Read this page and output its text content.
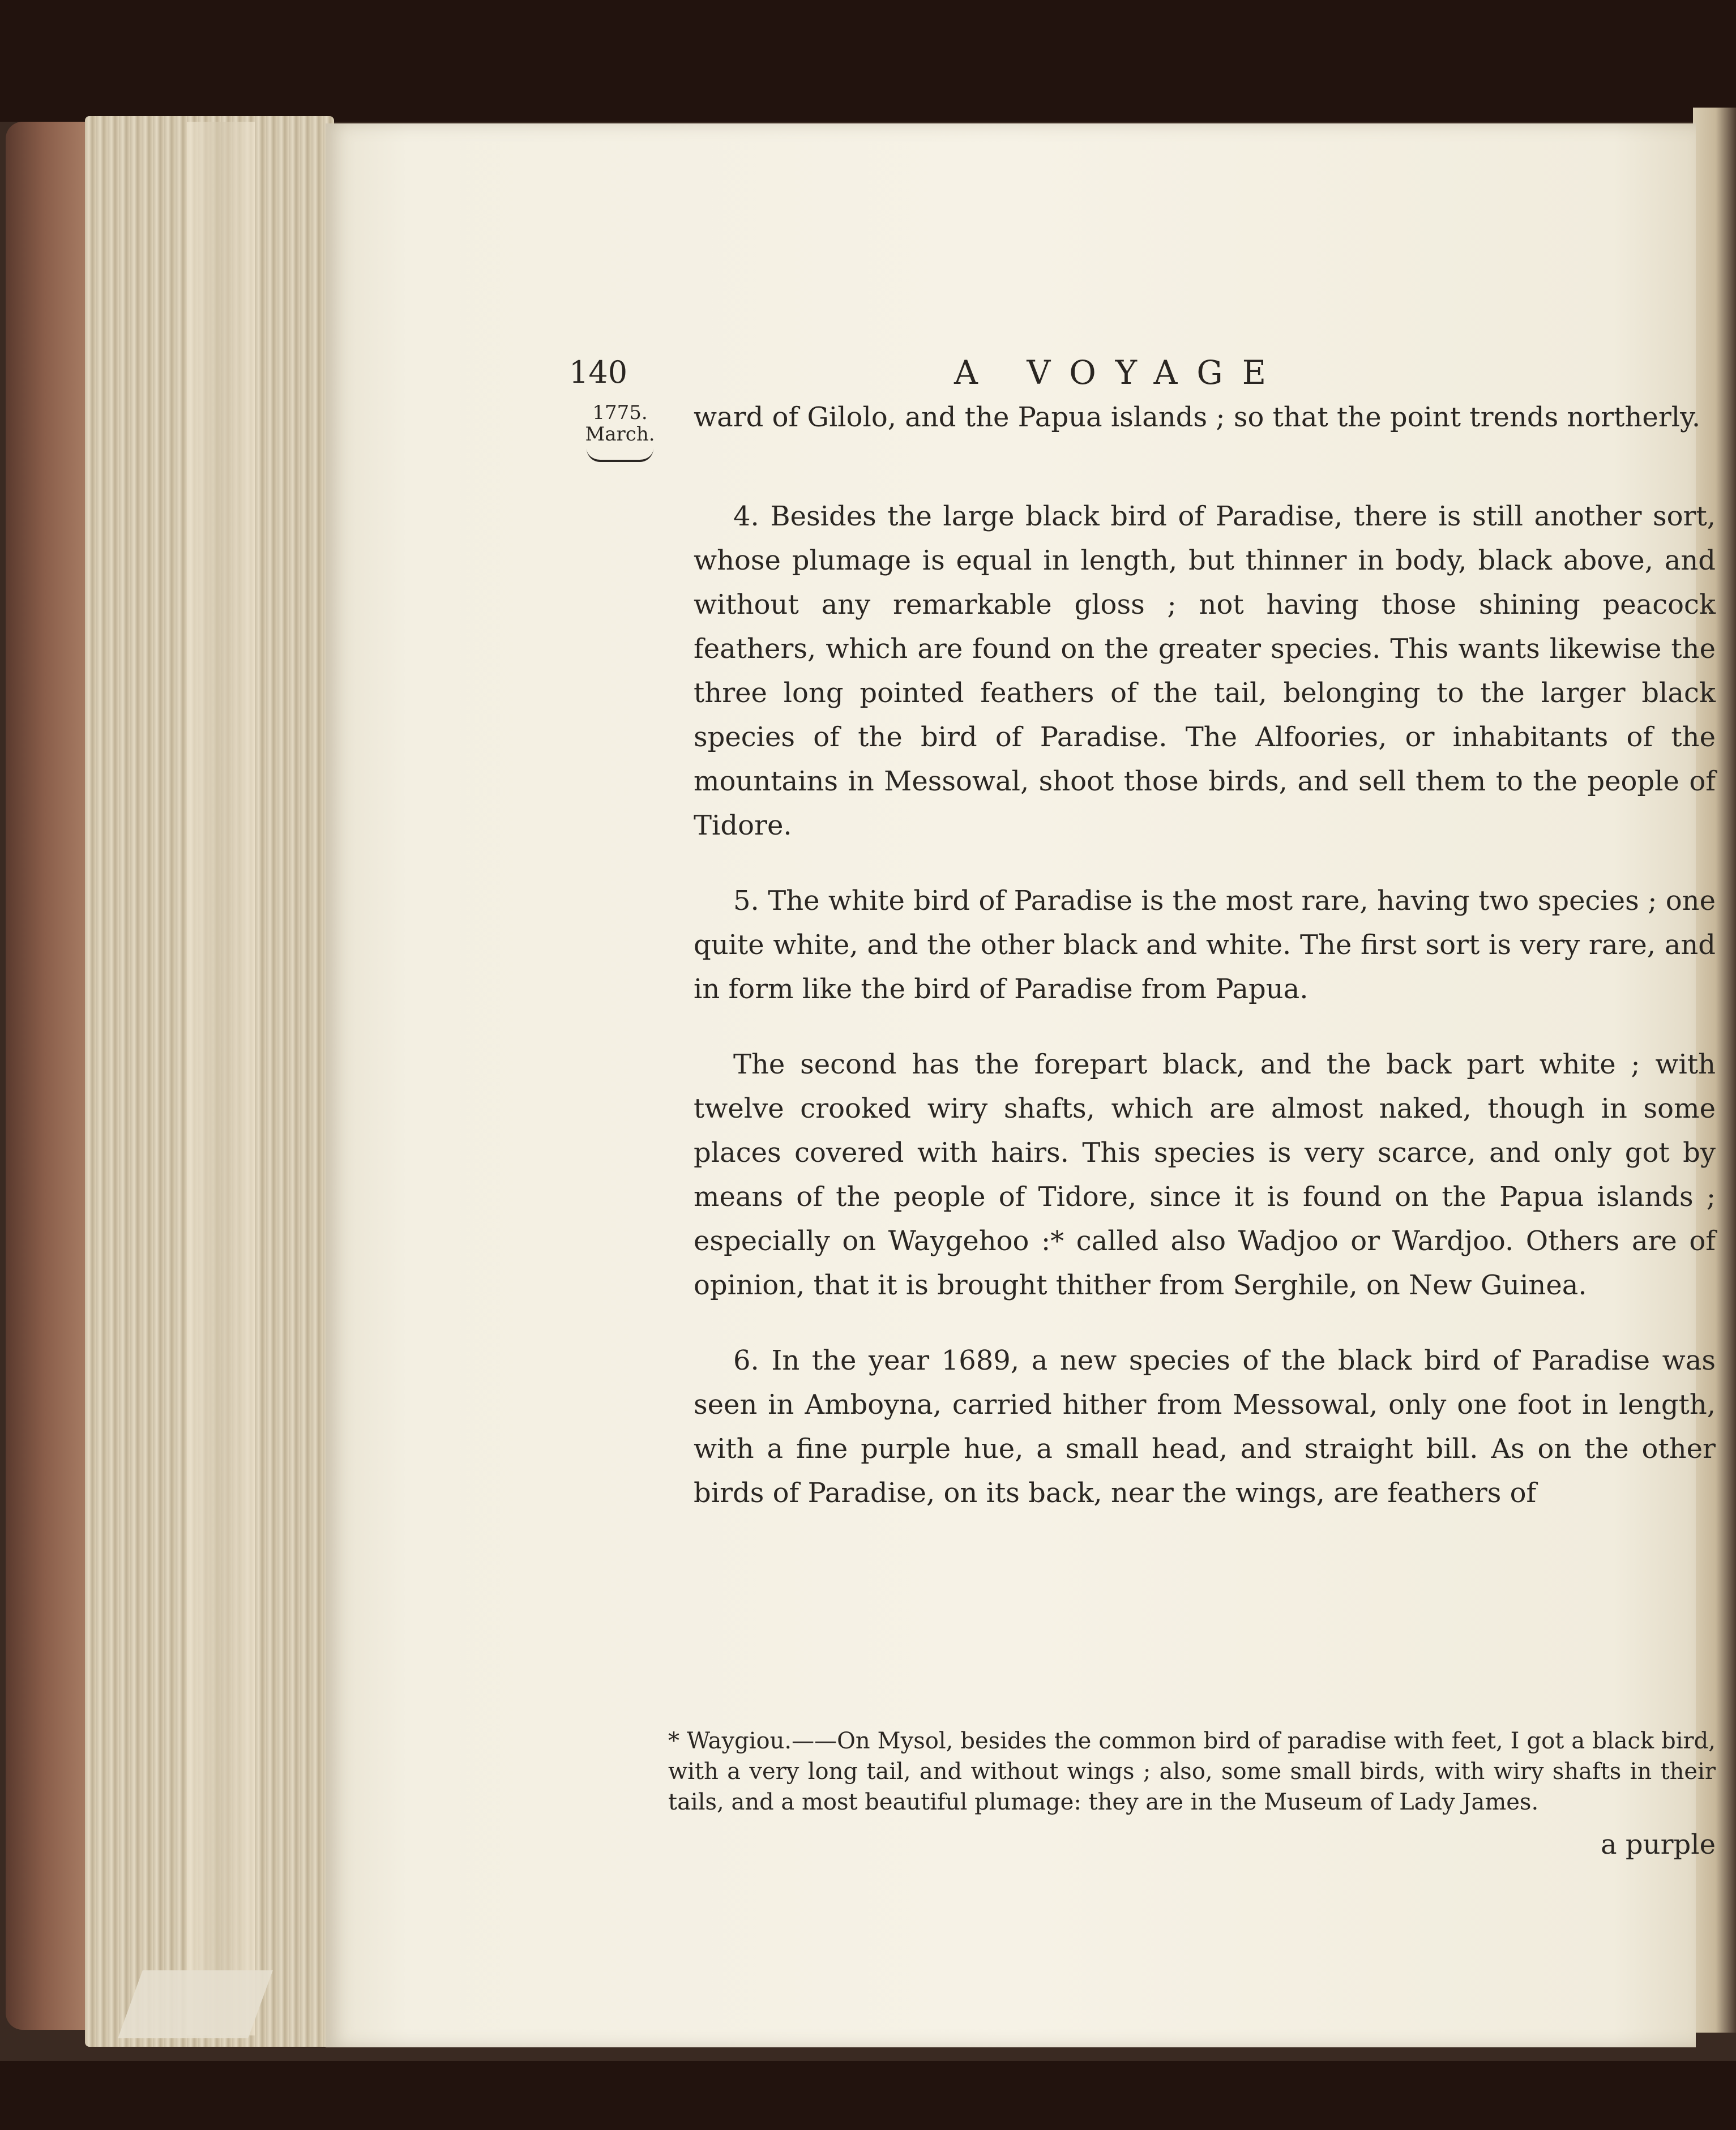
140	A VOYAGE
1775.
March.

ward of Gilolo, and the Papua islands ; so that the point trends northerly.

4. Besides the large black bird of Paradise, there is still another sort, whose plumage is equal in length, but thinner in body, black above, and without any remarkable gloss ; not having those shining peacock feathers, which are found on the greater species. This wants likewise the three long pointed feathers of the tail, belonging to the larger black species of the bird of Paradise. The Alfoories, or inhabitants of the mountains in Messowal, shoot those birds, and sell them to the people of Tidore.

5. The white bird of Paradise is the most rare, having two species ; one quite white, and the other black and white. The first sort is very rare, and in form like the bird of Paradise from Papua.

The second has the forepart black, and the back part white ; with twelve crooked wiry shafts, which are almost naked, though in some places covered with hairs. This species is very scarce, and only got by means of the people of Tidore, since it is found on the Papua islands ; especially on Waygehoo :* called also Wadjoo or Wardjoo. Others are of opinion, that it is brought thither from Serghile, on New Guinea.

6. In the year 1689, a new species of the black bird of Paradise was seen in Amboyna, carried hither from Messowal, only one foot in length, with a fine purple hue, a small head, and straight bill. As on the other birds of Paradise, on its back, near the wings, are feathers of

* Waygiou.——On Mysol, besides the common bird of paradise with feet, I got a black bird, with a very long tail, and without wings ; also, some small birds, with wiry shafts in their tails, and a most beautiful plumage: they are in the Museum of Lady James.
a purple
